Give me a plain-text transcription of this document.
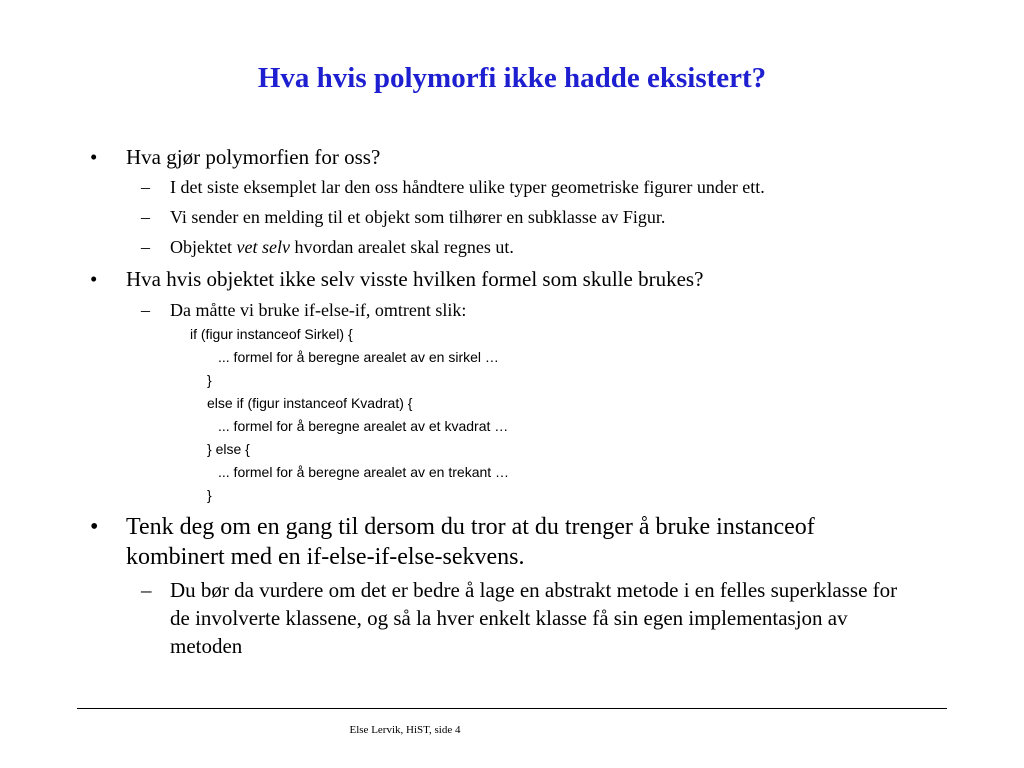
Hva hvis polymorfi ikke hadde eksistert?
• Hva gjør polymorfien for oss?
– I det siste eksemplet lar den oss håndtere ulike typer geometriske figurer under ett.
– Vi sender en melding til et objekt som tilhører en subklasse av Figur.
– Objektet vet selv hvordan arealet skal regnes ut.
• Hva hvis objektet ikke selv visste hvilken formel som skulle brukes?
– Da måtte vi bruke if-else-if, omtrent slik:
if (figur instanceof Sirkel) {
... formel for å beregne arealet av en sirkel …
}
else if (figur instanceof Kvadrat) {
... formel for å beregne arealet av et kvadrat …
} else {
... formel for å beregne arealet av en trekant …
}
• Tenk deg om en gang til dersom du tror at du trenger å bruke instanceof kombinert med en if-else-if-else-sekvens.
– Du bør da vurdere om det er bedre å lage en abstrakt metode i en felles superklasse for de involverte klassene, og så la hver enkelt klasse få sin egen implementasjon av metoden
Else Lervik, HiST, side 4
